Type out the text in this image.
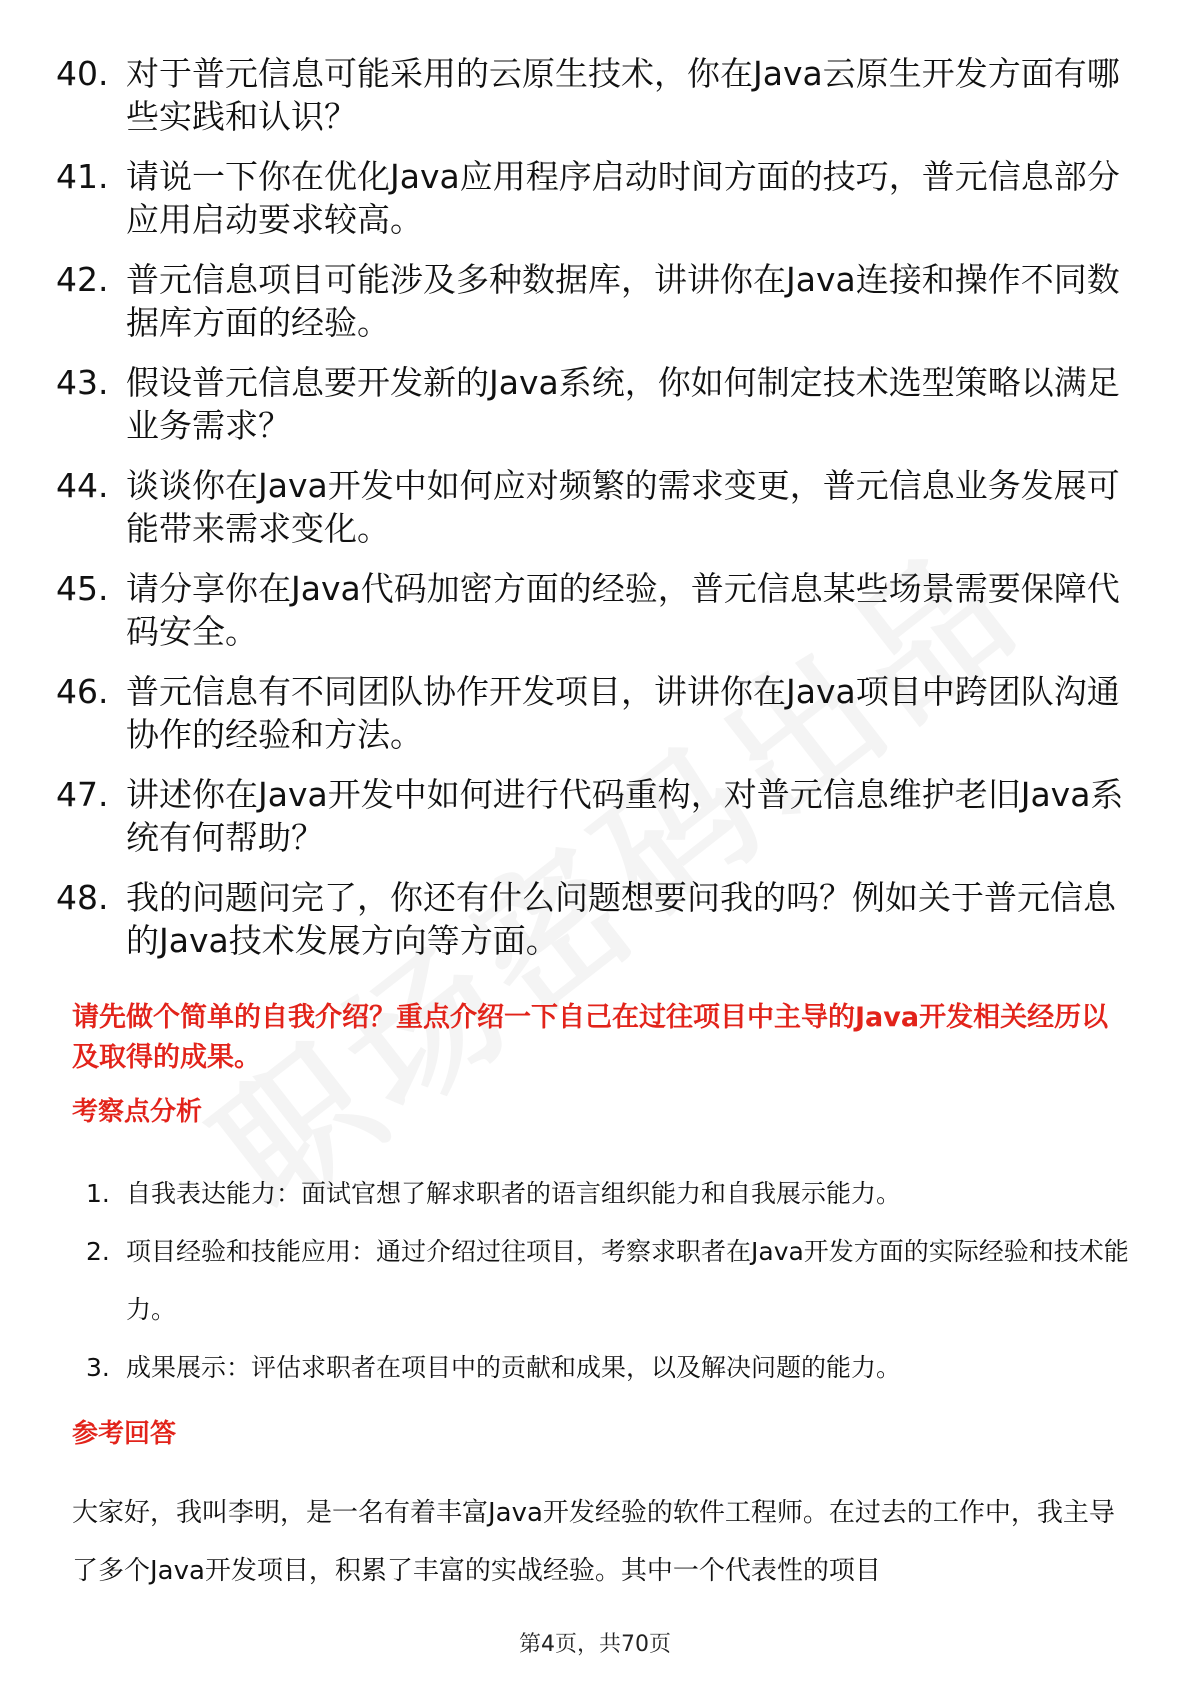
40. 对于普元信息可能采用的云原生技术，你在Java云原生开发方面有哪些实践和认识？
41. 请说一下你在优化Java应用程序启动时间方面的技巧，普元信息部分应用启动要求较高。
42. 普元信息项目可能涉及多种数据库，讲讲你在Java连接和操作不同数据库方面的经验。
43. 假设普元信息要开发新的Java系统，你如何制定技术选型策略以满足业务需求？
44. 谈谈你在Java开发中如何应对频繁的需求变更，普元信息业务发展可能带来需求变化。
45. 请分享你在Java代码加密方面的经验，普元信息某些场景需要保障代码安全。
46. 普元信息有不同团队协作开发项目，讲讲你在Java项目中跨团队沟通协作的经验和方法。
47. 讲述你在Java开发中如何进行代码重构，对普元信息维护老旧Java系统有何帮助？
48. 我的问题问完了，你还有什么问题想要问我的吗？例如关于普元信息的Java技术发展方向等方面。
请先做个简单的自我介绍？重点介绍一下自己在过往项目中主导的Java开发相关经历以及取得的成果。
考察点分析
1. 自我表达能力：面试官想了解求职者的语言组织能力和自我展示能力。
2. 项目经验和技能应用：通过介绍过往项目，考察求职者在Java开发方面的实际经验和技术能力。
3. 成果展示：评估求职者在项目中的贡献和成果，以及解决问题的能力。
参考回答

大家好，我叫李明，是一名有着丰富Java开发经验的软件工程师。在过去的工作中，我主导了多个Java开发项目，积累了丰富的实战经验。其中一个代表性的项目

第4页，共70页
